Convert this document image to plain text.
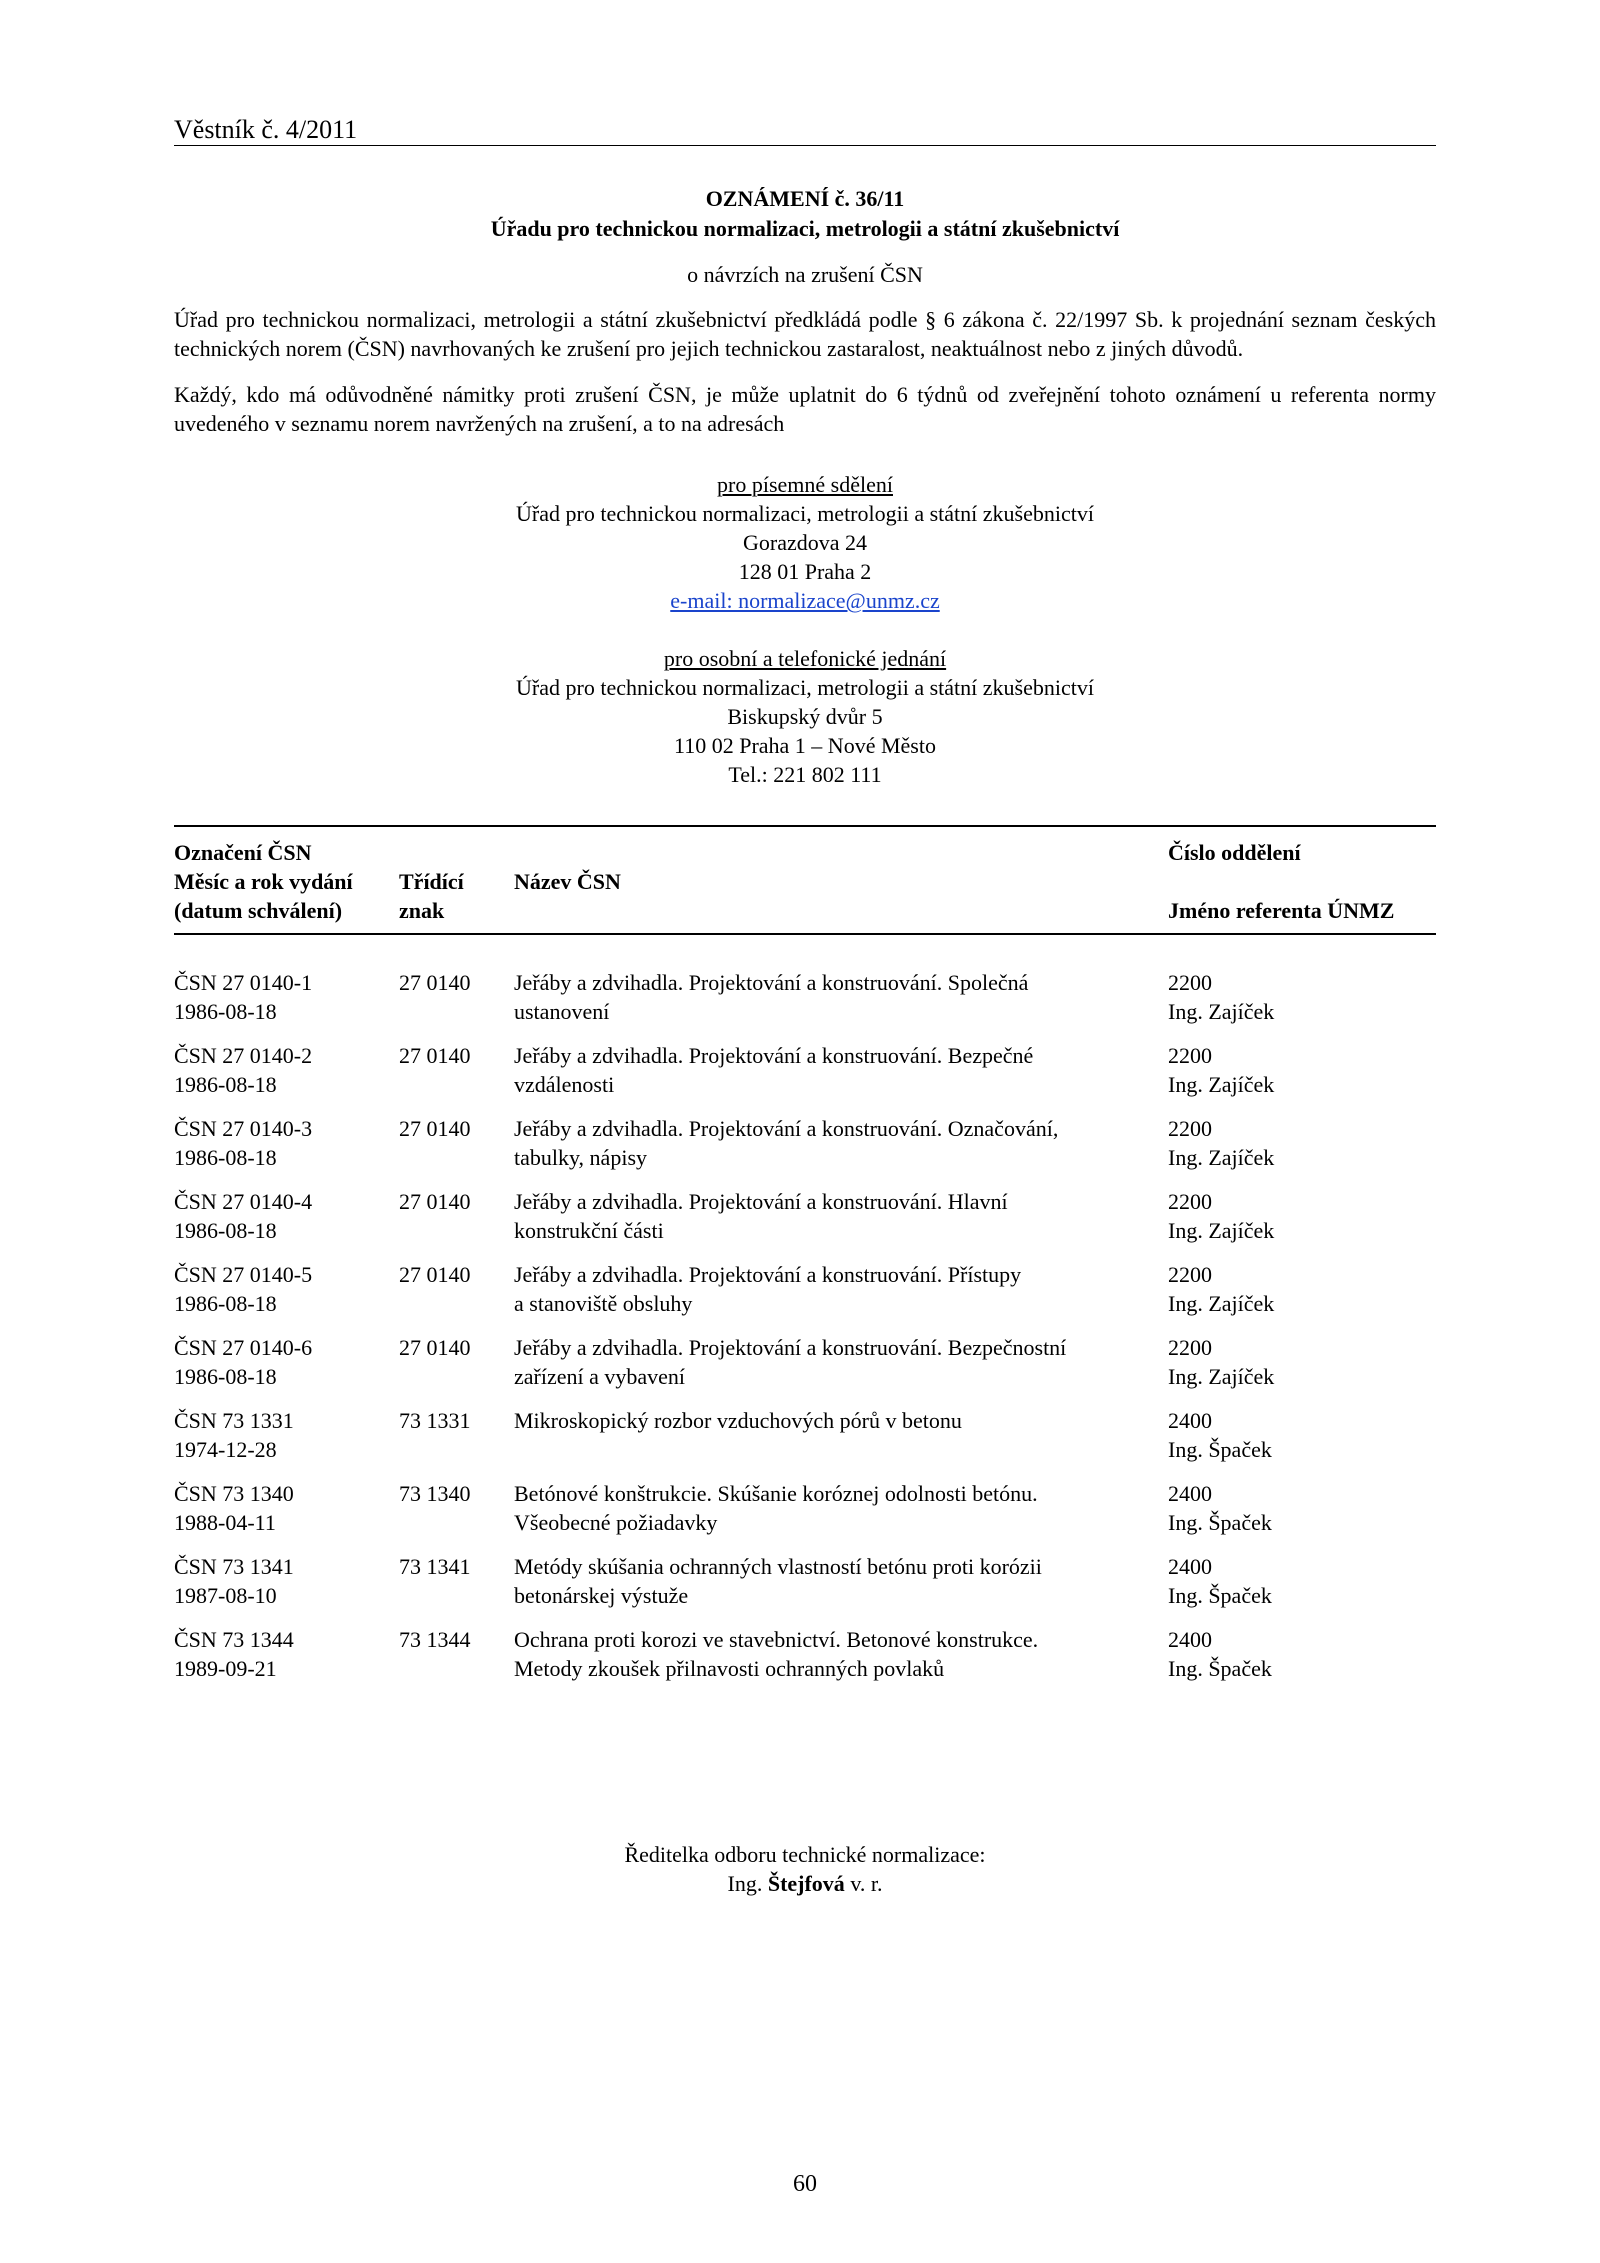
Věstník č. 4/2011

OZNÁMENÍ č. 36/11

Úřadu pro technickou normalizaci, metrologii a státní zkušebnictví

o návrzích na zrušení ČSN

Úřad pro technickou normalizaci, metrologii a státní zkušebnictví předkládá podle § 6 zákona č. 22/1997 Sb. k projednání seznam českých technických norem (ČSN) navrhovaných ke zrušení pro jejich technickou zastaralost, neaktuálnost nebo z jiných důvodů.

Každý, kdo má odůvodněné námitky proti zrušení ČSN, je může uplatnit do 6 týdnů od zveřejnění tohoto oznámení u referenta normy uvedeného v seznamu norem navržených na zrušení, a to na adresách

pro písemné sdělení
Úřad pro technickou normalizaci, metrologii a státní zkušebnictví
Gorazdova 24
128 01 Praha 2
e-mail: normalizace@unmz.cz
pro osobní a telefonické jednání
Úřad pro technickou normalizaci, metrologii a státní zkušebnictví
Biskupský dvůr 5
110 02 Praha 1 – Nové Město
Tel.: 221 802 111
Označení ČSN
Měsíc a rok vydání
(datum schválení)
Třídící
znak
Název ČSN
Číslo oddělení
Jméno referenta ÚNMZ
ČSN 27 0140-1
1986-08-18
27 0140 Jeřáby a zdvihadla. Projektování a konstruování. Společná
ustanovení
2200
Ing. Zajíček
ČSN 27 0140-2
1986-08-18
27 0140 Jeřáby a zdvihadla. Projektování a konstruování. Bezpečné
vzdálenosti
2200
Ing. Zajíček
ČSN 27 0140-3
1986-08-18
27 0140 Jeřáby a zdvihadla. Projektování a konstruování. Označování,
tabulky, nápisy
2200
Ing. Zajíček
ČSN 27 0140-4
1986-08-18
27 0140 Jeřáby a zdvihadla. Projektování a konstruování. Hlavní
konstrukční části
2200
Ing. Zajíček
ČSN 27 0140-5
1986-08-18
27 0140 Jeřáby a zdvihadla. Projektování a konstruování. Přístupy
a stanoviště obsluhy
2200
Ing. Zajíček
ČSN 27 0140-6
1986-08-18
27 0140 Jeřáby a zdvihadla. Projektování a konstruování. Bezpečnostní
zařízení a vybavení
2200
Ing. Zajíček
ČSN 73 1331
1974-12-28
73 1331 Mikroskopický rozbor vzduchových pórů v betonu	2400
Ing. Špaček
ČSN 73 1340
1988-04-11
73 1340 Betónové konštrukcie. Skúšanie koróznej odolnosti betónu.
Všeobecné požiadavky
2400
Ing. Špaček
ČSN 73 1341
1987-08-10
73 1341 Metódy skúšania ochranných vlastností betónu proti korózii
betonárskej výstuže
2400
Ing. Špaček
ČSN 73 1344
1989-09-21
73 1344 Ochrana proti korozi ve stavebnictví. Betonové konstrukce.
Metody zkoušek přilnavosti ochranných povlaků
2400
Ing. Špaček
Ředitelka odboru technické normalizace:
Ing. Štejfová v. r.
60
